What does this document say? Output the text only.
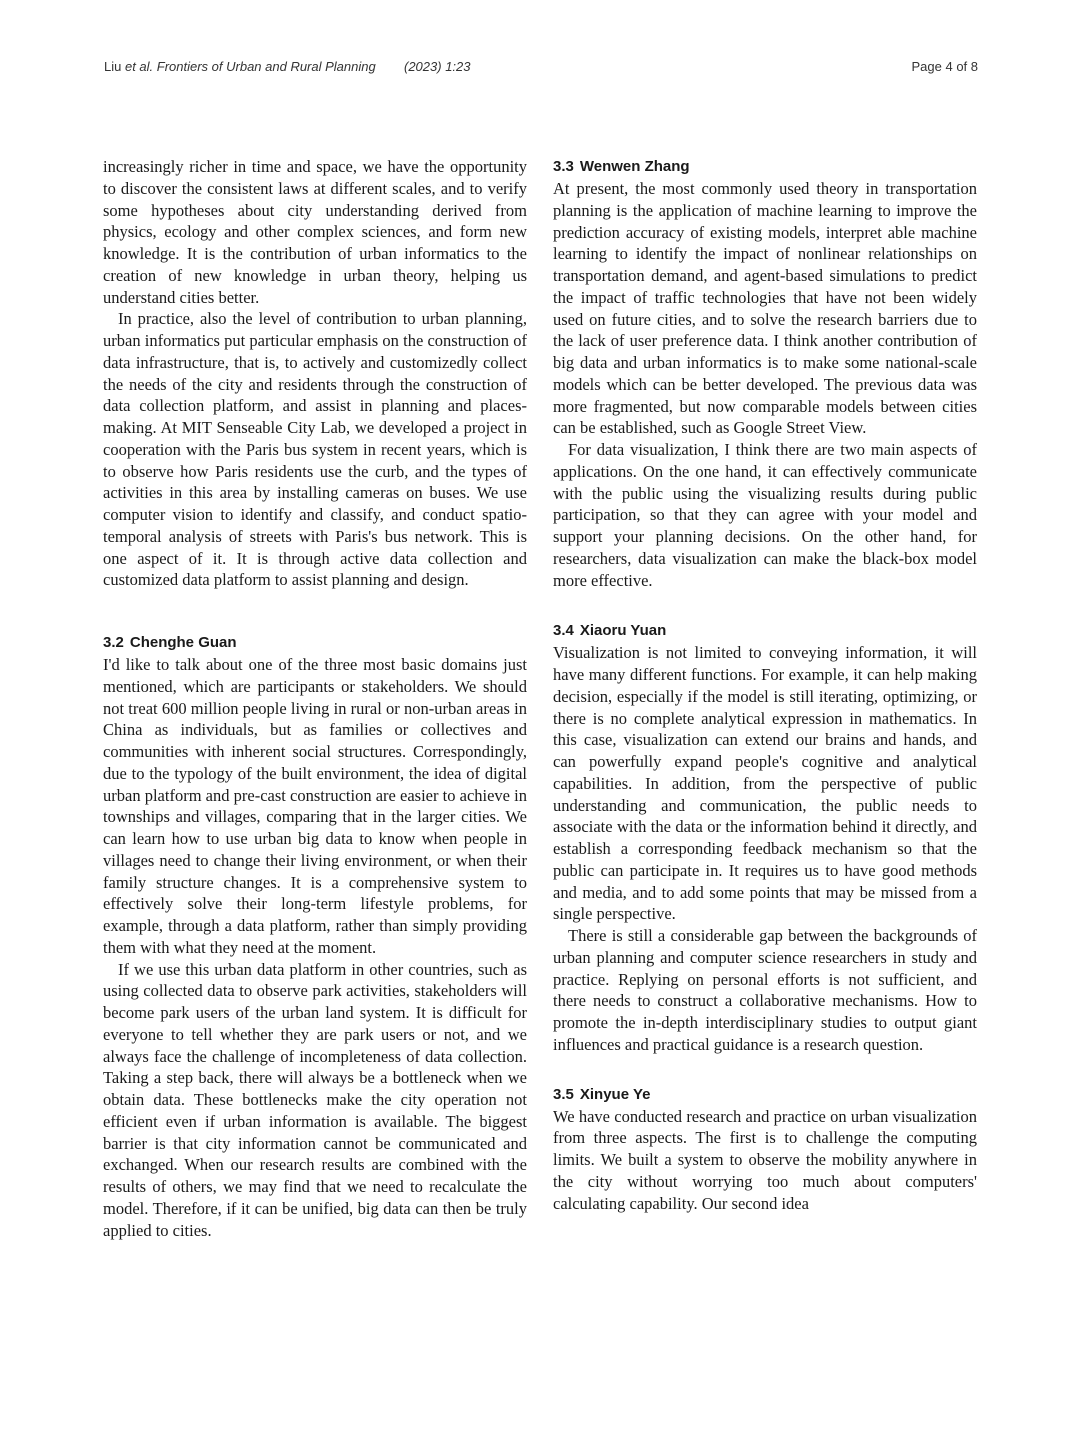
Liu et al. Frontiers of Urban and Rural Planning (2023) 1:23	Page 4 of 8

increasingly richer in time and space, we have the opportunity to discover the consistent laws at different scales, and to verify some hypotheses about city understanding derived from physics, ecology and other complex sciences, and form new knowledge. It is the contribution of urban informatics to the creation of new knowledge in urban theory, helping us understand cities better.

In practice, also the level of contribution to urban planning, urban informatics put particular emphasis on the construction of data infrastructure, that is, to actively and customizedly collect the needs of the city and residents through the construction of data collection platform, and assist in planning and places-making. At MIT Senseable City Lab, we developed a project in cooperation with the Paris bus system in recent years, which is to observe how Paris residents use the curb, and the types of activities in this area by installing cameras on buses. We use computer vision to identify and classify, and conduct spatio-temporal analysis of streets with Paris's bus network. This is one aspect of it. It is through active data collection and customized data platform to assist planning and design.

3.2 Chenghe Guan

I'd like to talk about one of the three most basic domains just mentioned, which are participants or stakeholders. We should not treat 600 million people living in rural or non-urban areas in China as individuals, but as families or collectives and communities with inherent social structures. Correspondingly, due to the typology of the built environment, the idea of digital urban platform and pre-cast construction are easier to achieve in townships and villages, comparing that in the larger cities. We can learn how to use urban big data to know when people in villages need to change their living environment, or when their family structure changes. It is a comprehensive system to effectively solve their long-term lifestyle problems, for example, through a data platform, rather than simply providing them with what they need at the moment.

If we use this urban data platform in other countries, such as using collected data to observe park activities, stakeholders will become park users of the urban land system. It is difficult for everyone to tell whether they are park users or not, and we always face the challenge of incompleteness of data collection. Taking a step back, there will always be a bottleneck when we obtain data. These bottlenecks make the city operation not efficient even if urban information is available. The biggest barrier is that city information cannot be communicated and exchanged. When our research results are combined with the results of others, we may find that we need to recalculate the model. Therefore, if it can be unified, big data can then be truly applied to cities.

3.3 Wenwen Zhang

At present, the most commonly used theory in transportation planning is the application of machine learning to improve the prediction accuracy of existing models, interpret able machine learning to identify the impact of nonlinear relationships on transportation demand, and agent-based simulations to predict the impact of traffic technologies that have not been widely used on future cities, and to solve the research barriers due to the lack of user preference data. I think another contribution of big data and urban informatics is to make some national-scale models which can be better developed. The previous data was more fragmented, but now comparable models between cities can be established, such as Google Street View.

For data visualization, I think there are two main aspects of applications. On the one hand, it can effectively communicate with the public using the visualizing results during public participation, so that they can agree with your model and support your planning decisions. On the other hand, for researchers, data visualization can make the black-box model more effective.

3.4 Xiaoru Yuan

Visualization is not limited to conveying information, it will have many different functions. For example, it can help making decision, especially if the model is still iterating, optimizing, or there is no complete analytical expression in mathematics. In this case, visualization can extend our brains and hands, and can powerfully expand people's cognitive and analytical capabilities. In addition, from the perspective of public understanding and communication, the public needs to associate with the data or the information behind it directly, and establish a corresponding feedback mechanism so that the public can participate in. It requires us to have good methods and media, and to add some points that may be missed from a single perspective.

There is still a considerable gap between the backgrounds of urban planning and computer science researchers in study and practice. Replying on personal efforts is not sufficient, and there needs to construct a collaborative mechanisms. How to promote the in-depth interdisciplinary studies to output giant influences and practical guidance is a research question.

3.5 Xinyue Ye

We have conducted research and practice on urban visualization from three aspects. The first is to challenge the computing limits. We built a system to observe the mobility anywhere in the city without worrying too much about computers' calculating capability. Our second idea
